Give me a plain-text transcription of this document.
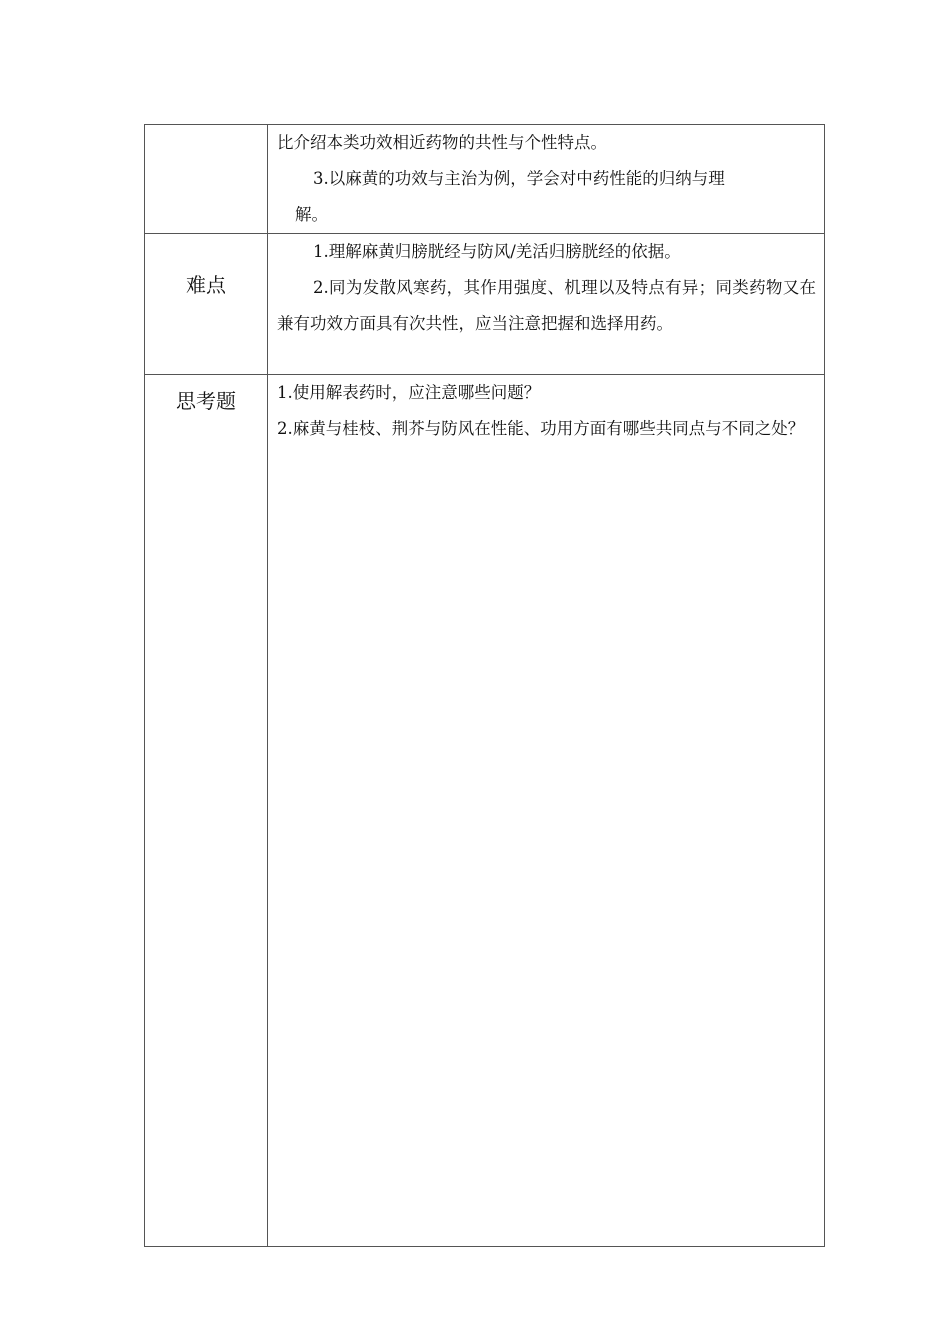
	比介绍本类功效相近药物的共性与个性特点。

3.以麻黄的功效与主治为例，学会对中药性能的归纳与理

解。

难点	1.理解麻黄归膀胱经与防风/羌活归膀胱经的依据。

2.同为发散风寒药，其作用强度、机理以及特点有异；同类药物又在兼有功效方面具有次共性，应当注意把握和选择用药。

思考题	1.使用解表药时，应注意哪些问题？

2.麻黄与桂枝、荆芥与防风在性能、功用方面有哪些共同点与不同之处？
